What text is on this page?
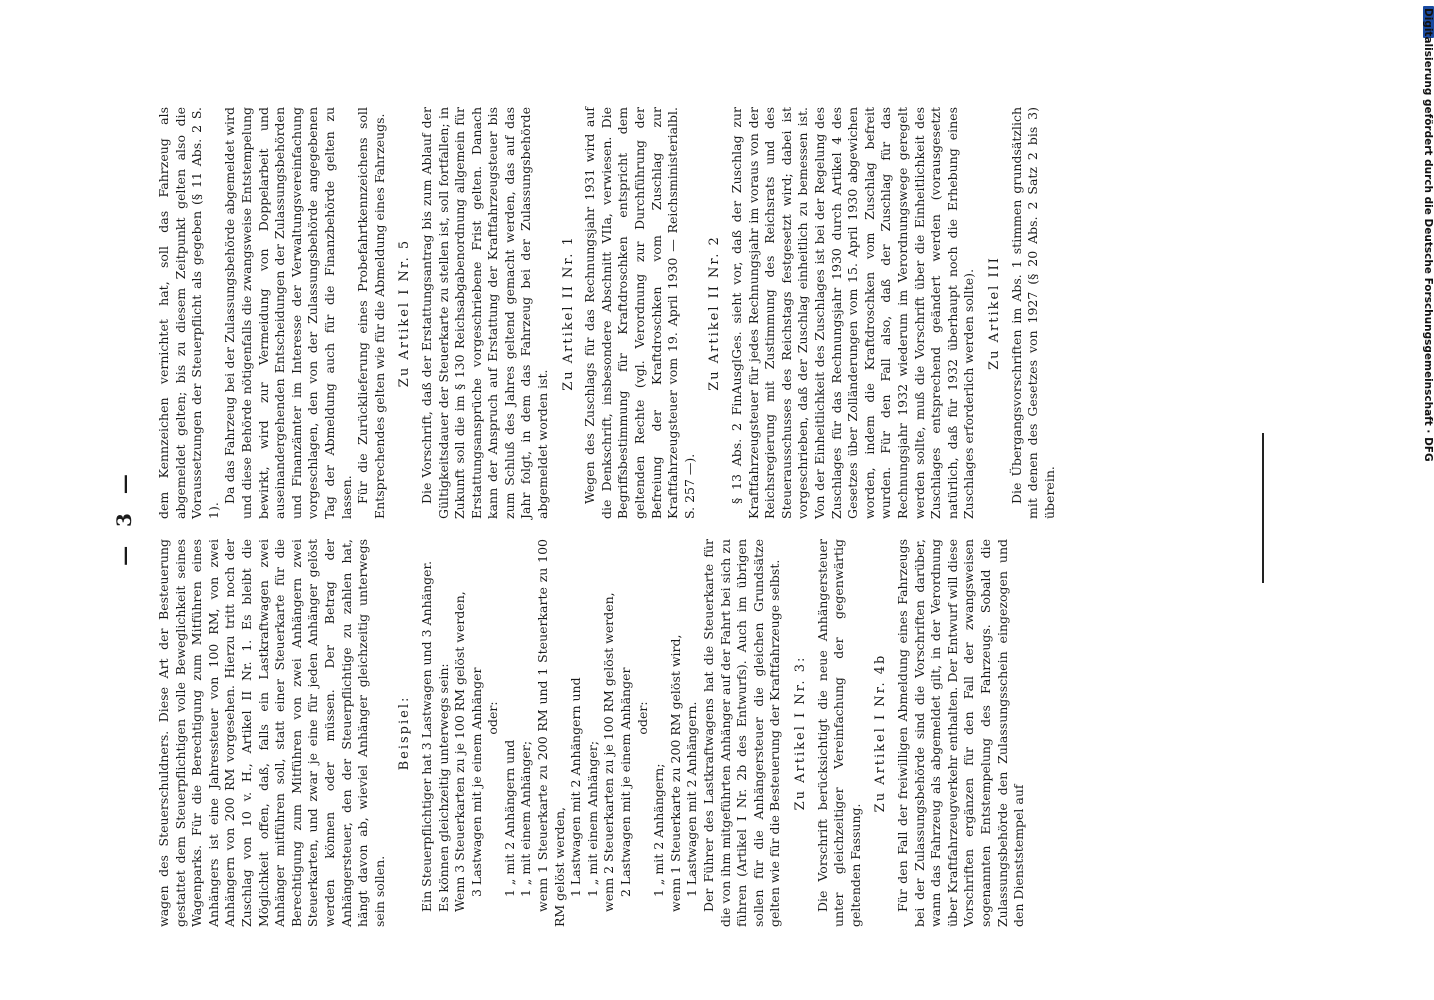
— 3 —

wagen des Steuerschuldners. Diese Art der Besteuerung gestattet dem Steuerpflichtigen volle Beweglichkeit seines Wagenparks. Für die Berechtigung zum Mitführen eines Anhängers ist eine Jahressteuer von 100 RM, von zwei Anhängern von 200 RM vorgesehen. Hierzu tritt noch der Zuschlag von 10 v. H., Artikel II Nr. 1. Es bleibt die Möglichkeit offen, daß, falls ein Lastkraftwagen zwei Anhänger mitführen soll, statt einer Steuerkarte für die Berechtigung zum Mitführen von zwei Anhängern zwei Steuerkarten, und zwar je eine für jeden Anhänger gelöst werden können oder müssen. Der Betrag der Anhängersteuer, den der Steuerpflichtige zu zahlen hat, hängt davon ab, wieviel Anhänger gleichzeitig unterwegs sein sollen.

Beispiel: Ein Steuerpflichtiger hat 3 Lastwagen und 3 Anhänger. Es können gleichzeitig unterwegs sein: Wenn 3 Steuerkarten zu je 100 RM gelöst werden, 3 Lastwagen mit je einem Anhänger oder:

1 „ mit 2 Anhängern und 1 „ mit einem Anhänger; wenn 1 Steuerkarte zu 200 RM und 1 Steuerkarte zu 100 RM gelöst werden, 1 Lastwagen mit 2 Anhängern und 1 „ mit einem Anhänger; wenn 2 Steuerkarten zu je 100 RM gelöst werden, 2 Lastwagen mit je einem Anhänger oder:

1 „ mit 2 Anhängern; wenn 1 Steuerkarte zu 200 RM gelöst wird, 1 Lastwagen mit 2 Anhängern. Der Führer des Lastkraftwagens hat die Steuerkarte für die von ihm mitgeführten Anhänger auf der Fahrt bei sich zu führen (Artikel I Nr. 2b des Entwurfs). Auch im übrigen sollen für die Anhängersteuer die gleichen Grundsätze gelten wie für die Besteuerung der Kraftfahrzeuge selbst. Zu Artikel I Nr. 3: Die Vorschrift berücksichtigt die neue Anhängersteuer unter gleichzeitiger Vereinfachung der gegenwärtig geltenden Fassung.

Zu Artikel I Nr. 4b Für den Fall der freiwilligen Abmeldung eines Fahrzeugs bei der Zulassungsbehörde sind die Vorschriften darüber, wann das Fahrzeug als abgemeldet gilt, in der Verordnung über Kraftfahrzeugverkehr enthalten. Der Entwurf will diese Vorschriften ergänzen für den Fall der zwangsweisen sogenannten Entstempelung des Fahrzeugs. Sobald die Zulassungsbehörde den Zulassungsschein eingezogen und den Dienststempel auf

dem Kennzeichen vernichtet hat, soll das Fahrzeug als abgemeldet gelten; bis zu diesem Zeitpunkt gelten also die Voraussetzungen der Steuerpflicht als gegeben (§ 11 Abs. 2 S. 1).

Da das Fahrzeug bei der Zulassungsbehörde abgemeldet wird und diese Behörde nötigenfalls die zwangsweise Entstempelung bewirkt, wird zur Vermeidung von Doppelarbeit und auseinandergehenden Entscheidungen der Zulassungsbehörden und Finanzämter im Interesse der Verwaltungsvereinfachung vorgeschlagen, den von der Zulassungsbehörde angegebenen Tag der Abmeldung auch für die Finanzbehörde gelten zu lassen. Für die Zurücklieferung eines Probefahrtkennzeichens soll Entsprechendes gelten wie für die Abmeldung eines Fahrzeugs. Zu Artikel I Nr. 5 Die Vorschrift, daß der Erstattungsantrag bis zum Ablauf der Gültigkeitsdauer der Steuerkarte zu stellen ist, soll fortfallen; in Zukunft soll die im § 130 Reichsabgabenordnung allgemein für Erstattungsansprüche vorgeschriebene Frist gelten. Danach kann der Anspruch auf Erstattung der Kraftfahrzeugsteuer bis zum Schluß des Jahres geltend gemacht werden, das auf das Jahr folgt, in dem das Fahrzeug bei der Zulassungsbehörde abgemeldet worden ist.

Zu Artikel II Nr. 1 Wegen des Zuschlags für das Rechnungsjahr 1931 wird auf die Denkschrift, insbesondere Abschnitt VIIa, verwiesen. Die Begriffsbestimmung für Kraftdroschken entspricht dem geltenden Rechte (vgl. Verordnung zur Durchführung der Befreiung der Kraftdroschken vom Zuschlag zur Kraftfahrzeugsteuer vom 19. April 1930 — Reichsministerialbl. S. 257 —).

Zu Artikel II Nr. 2 § 13 Abs. 2 FinAusglGes. sieht vor, daß der Zuschlag zur Kraftfahrzeugsteuer für jedes Rechnungsjahr im voraus von der Reichsregierung mit Zustimmung des Reichsrats und des Steuerausschusses des Reichstags festgesetzt wird; dabei ist vorgeschrieben, daß der Zuschlag einheitlich zu bemessen ist. Von der Einheitlichkeit des Zuschlages ist bei der Regelung des Zuschlages für das Rechnungsjahr 1930 durch Artikel 4 des Gesetzes über Zolländerungen vom 15. April 1930 abgewichen worden, indem die Kraftdroschken vom Zuschlag befreit wurden. Für den Fall also, daß der Zuschlag für das Rechnungsjahr 1932 wiederum im Verordnungswege geregelt werden sollte, muß die Vorschrift über die Einheitlichkeit des Zuschlages entsprechend geändert werden (vorausgesetzt natürlich, daß für 1932 überhaupt noch die Erhebung eines Zuschlages erforderlich werden sollte). Zu Artikel III Die Übergangsvorschriften im Abs. 1 stimmen grundsätzlich mit denen des Gesetzes von 1927 (§ 20 Abs. 2 Satz 2 bis 3) überein.

Digitalisierung gefördert durch die Deutsche Forschungsgemeinschaft · DFG
